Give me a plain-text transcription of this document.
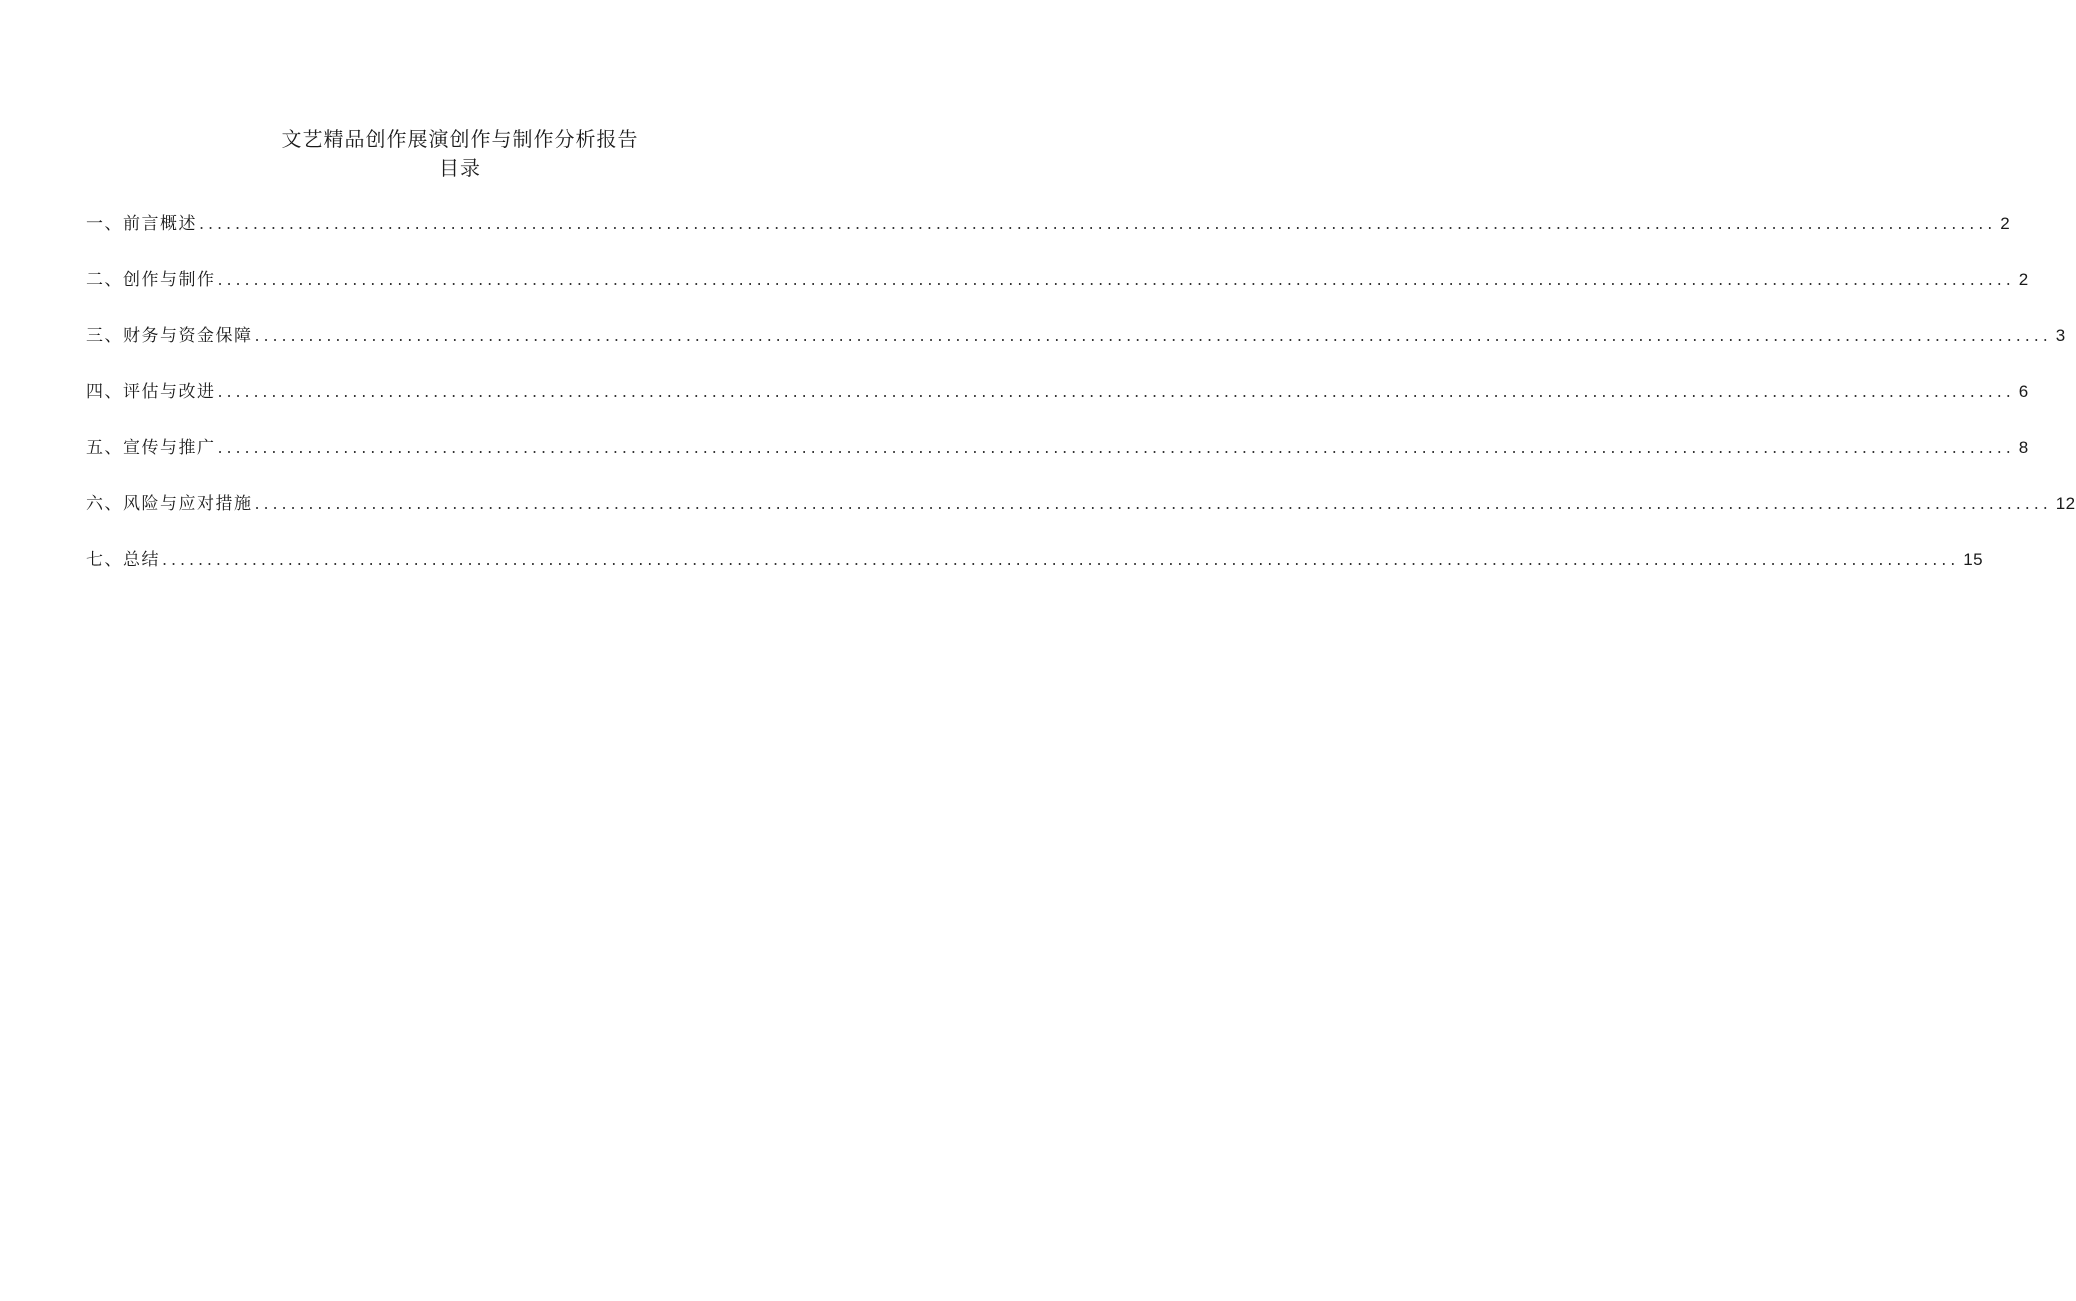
文艺精品创作展演创作与制作分析报告
目录
一、 前言概述 ........................................................................................................................................................................................................ 2
二、 创作与制作 ........................................................................................................................................................................................................ 2
三、 财务与资金保障 ........................................................................................................................................................................................................ 3
四、 评估与改进 ........................................................................................................................................................................................................ 6
五、 宣传与推广 ........................................................................................................................................................................................................ 8
六、 风险与应对措施 ........................................................................................................................................................................................................ 12
七、 总结 ........................................................................................................................................................................................................ 15
